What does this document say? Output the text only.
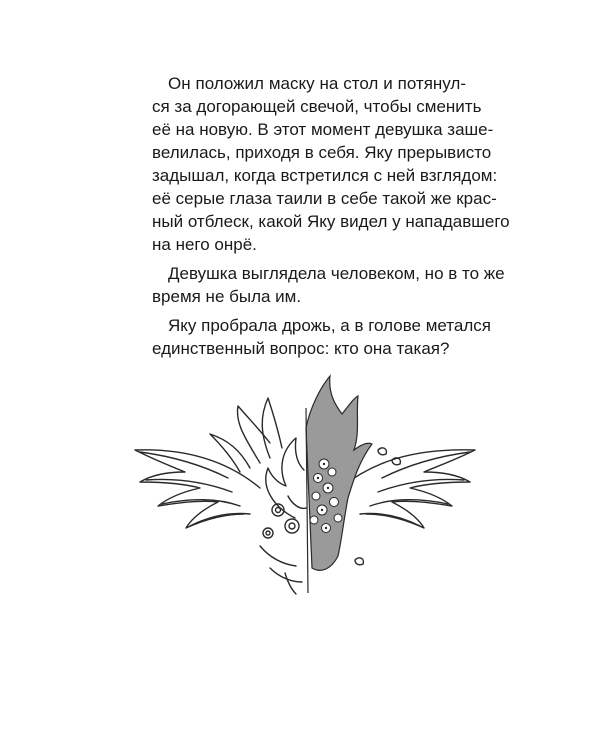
Он положил маску на стол и потянул-
ся за догорающей свечой, чтобы сменить
её на новую. В этот момент девушка заше-
велилась, приходя в себя. Яку прерывисто
задышал, когда встретился с ней взглядом:
её серые глаза таили в себе такой же крас-
ный отблеск, какой Яку видел у нападавшего
на него онрё.
Девушка выглядела человеком, но в то же
время не была им.
Яку пробрала дрожь, а в голове метался
единственный вопрос: кто она такая?
